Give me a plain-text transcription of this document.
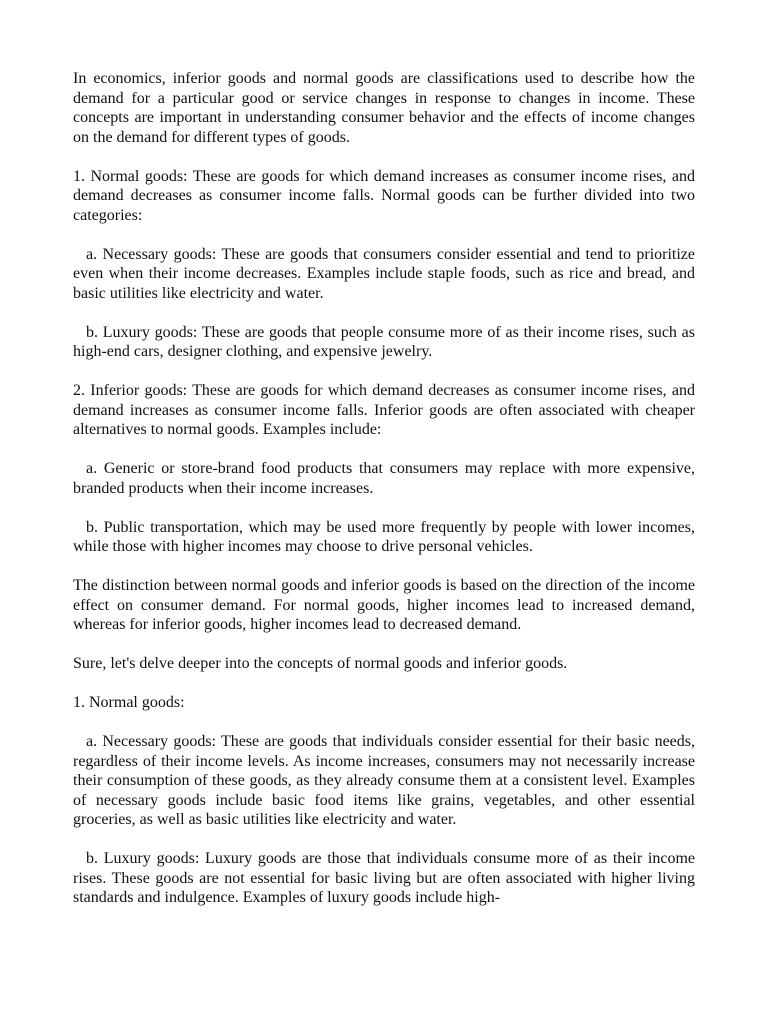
In economics, inferior goods and normal goods are classifications used to describe how the demand for a particular good or service changes in response to changes in income. These concepts are important in understanding consumer behavior and the effects of income changes on the demand for different types of goods.

1. Normal goods: These are goods for which demand increases as consumer income rises, and demand decreases as consumer income falls. Normal goods can be further divided into two categories:

a. Necessary goods: These are goods that consumers consider essential and tend to prioritize even when their income decreases. Examples include staple foods, such as rice and bread, and basic utilities like electricity and water.

b. Luxury goods: These are goods that people consume more of as their income rises, such as high-end cars, designer clothing, and expensive jewelry.

2. Inferior goods: These are goods for which demand decreases as consumer income rises, and demand increases as consumer income falls. Inferior goods are often associated with cheaper alternatives to normal goods. Examples include:

a. Generic or store-brand food products that consumers may replace with more expensive, branded products when their income increases.

b. Public transportation, which may be used more frequently by people with lower incomes, while those with higher incomes may choose to drive personal vehicles.

The distinction between normal goods and inferior goods is based on the direction of the income effect on consumer demand. For normal goods, higher incomes lead to increased demand, whereas for inferior goods, higher incomes lead to decreased demand.

Sure, let's delve deeper into the concepts of normal goods and inferior goods.

1. Normal goods:

a. Necessary goods: These are goods that individuals consider essential for their basic needs, regardless of their income levels. As income increases, consumers may not necessarily increase their consumption of these goods, as they already consume them at a consistent level. Examples of necessary goods include basic food items like grains, vegetables, and other essential groceries, as well as basic utilities like electricity and water.

b. Luxury goods: Luxury goods are those that individuals consume more of as their income rises. These goods are not essential for basic living but are often associated with higher living standards and indulgence. Examples of luxury goods include high-
